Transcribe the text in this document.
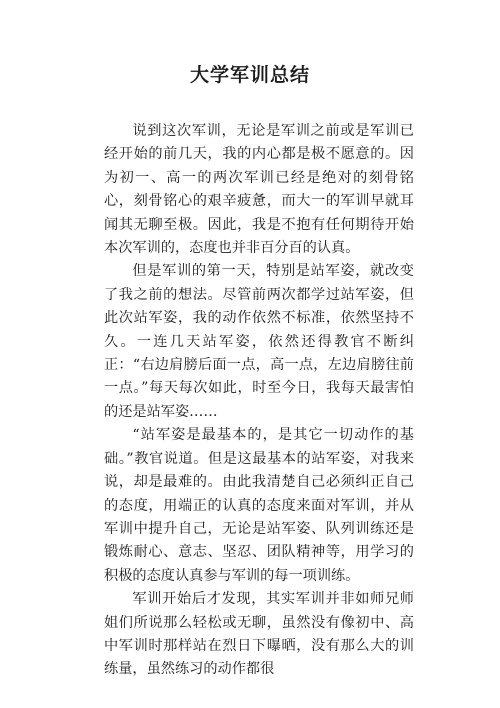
大学军训总结

说到这次军训，无论是军训之前或是军训已经开始的前几天，我的内心都是极不愿意的。因为初一、高一的两次军训已经是绝对的刻骨铭心，刻骨铭心的艰辛疲惫，而大一的军训早就耳闻其无聊至极。因此，我是不抱有任何期待开始本次军训的，态度也并非百分百的认真。

但是军训的第一天，特别是站军姿，就改变了我之前的想法。尽管前两次都学过站军姿，但此次站军姿，我的动作依然不标准，依然坚持不久。一连几天站军姿，依然还得教官不断纠正：“右边肩膀后面一点，高一点，左边肩膀往前一点。”每天每次如此，时至今日，我每天最害怕的还是站军姿……

“站军姿是最基本的，是其它一切动作的基础。”教官说道。但是这最基本的站军姿，对我来说，却是最难的。由此我清楚自己必须纠正自己的态度，用端正的认真的态度来面对军训，并从军训中提升自己，无论是站军姿、队列训练还是锻炼耐心、意志、坚忍、团队精神等，用学习的积极的态度认真参与军训的每一项训练。

军训开始后才发现，其实军训并非如师兄师姐们所说那么轻松或无聊，虽然没有像初中、高中军训时那样站在烈日下曝晒，没有那么大的训练量，虽然练习的动作都很
